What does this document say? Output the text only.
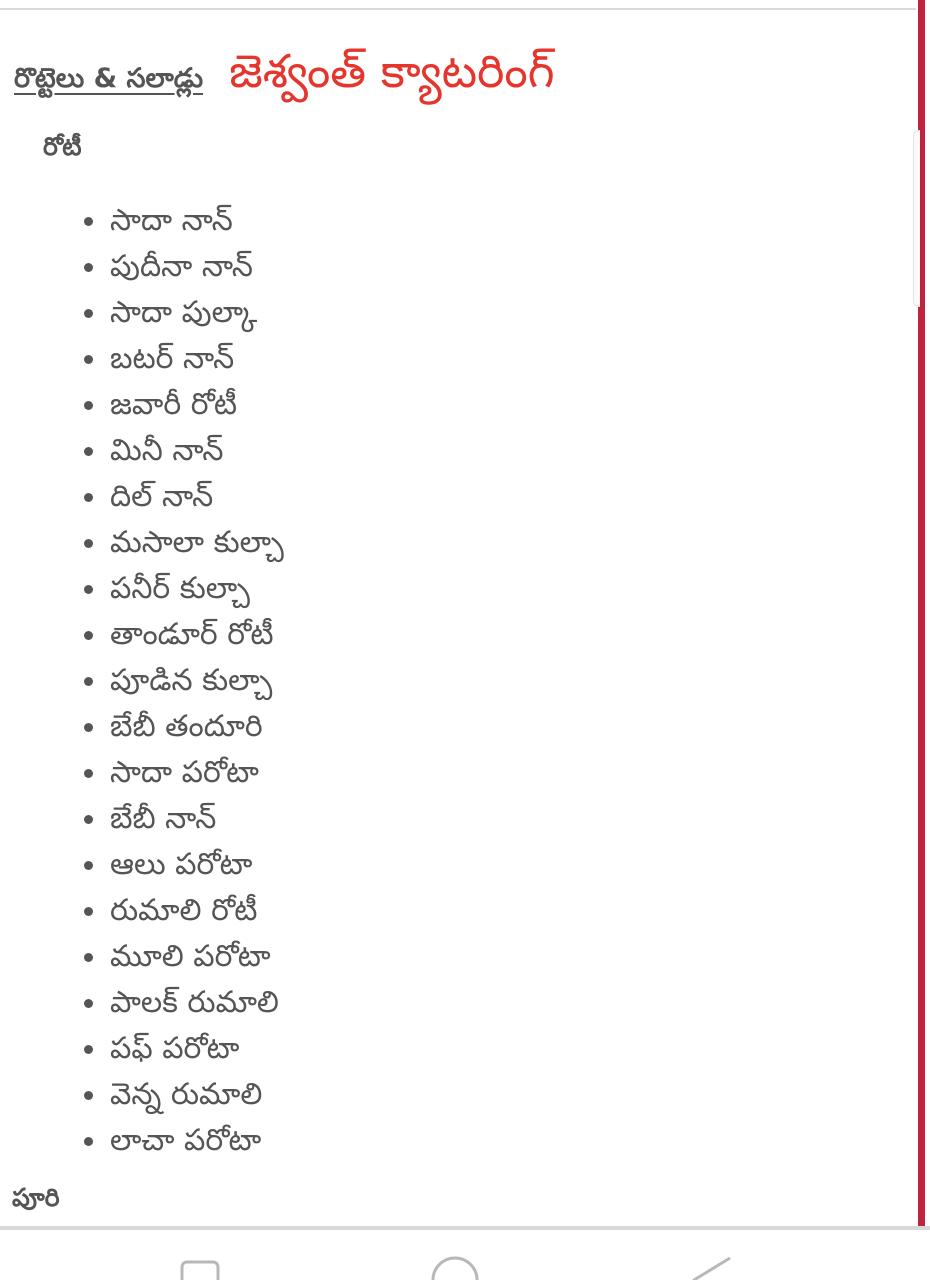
రొట్టెలు & సలాడ్లు జెశ్వంత్ క్యాటరింగ్
రోటీ
సాదా నాన్
పుదీనా నాన్
సాదా పుల్కా
బటర్ నాన్
జవారీ రోటీ
మినీ నాన్
దిల్ నాన్
మసాలా కుల్చా
పనీర్ కుల్చా
తాండూర్ రోటీ
పూడిన కుల్చా
బేబీ తందూరి
సాదా పరోటా
బేబీ నాన్
ఆలు పరోటా
రుమాలి రోటీ
మూలి పరోటా
పాలక్ రుమాలి
పఫ్ పరోటా
వెన్న రుమాలి
లాచా పరోటా
పూరి
